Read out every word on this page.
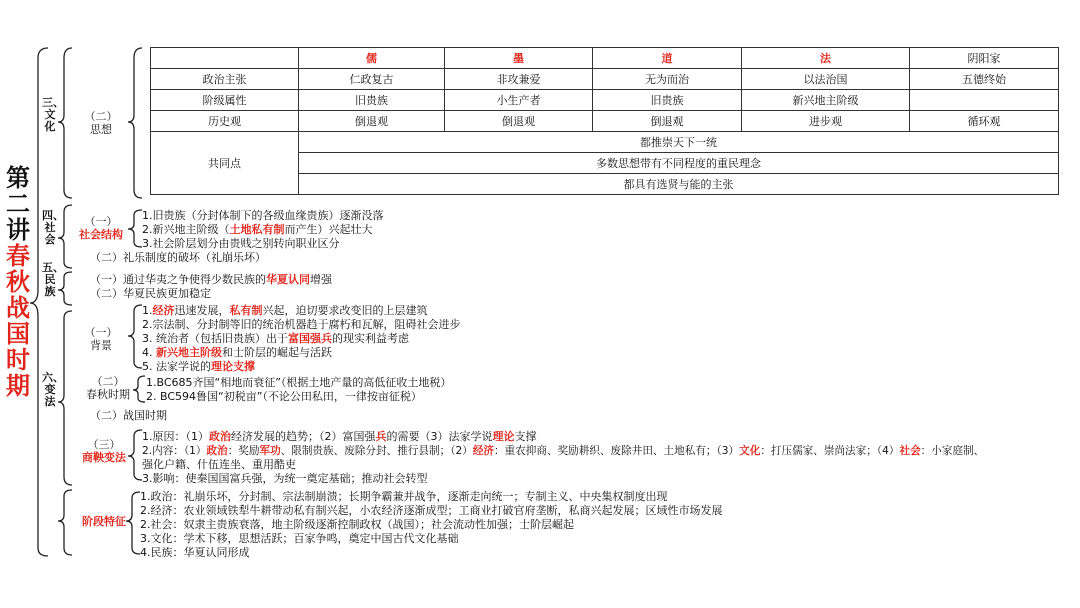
第二讲
春秋战国时期
三、文化
（二）思想
	儒	墨	道	法	阴阳家
政治主张	仁政复古	非攻兼爱	无为而治	以法治国	五德终始
阶级属性	旧贵族	小生产者	旧贵族	新兴地主阶级	
历史观	倒退观	倒退观	倒退观	进步观	循环观
共同点	都推崇天下一统				
	多数思想带有不同程度的重民理念				
	都具有选贤与能的主张				
四、社会
（一）
社会结构
1.旧贵族（分封体制下的各级血缘贵族）逐渐没落
2.新兴地主阶级（土地私有制而产生）兴起壮大
3.社会阶层划分由贵贱之别转向职业区分
（二）礼乐制度的破坏（礼崩乐坏）
五、民族
（一）通过华夷之争使得少数民族的华夏认同增强
（二）华夏民族更加稳定
六、变法
（一）
背景
1.经济迅速发展，私有制兴起，迫切要求改变旧的上层建筑
2.宗法制、分封制等旧的统治机器趋于腐朽和瓦解，阻碍社会进步
3. 统治者（包括旧贵族）出于富国强兵的现实利益考虑
4. 新兴地主阶级和士阶层的崛起与活跃
5. 法家学说的理论支撑
（二）
春秋时期
1.BC685齐国“相地而衰征”（根据土地产量的高低征收土地税）
2. BC594鲁国“初税亩”（不论公田私田，一律按亩征税）
（二）战国时期
（三）
商鞅变法
1.原因：（1）政治经济发展的趋势；（2）富国强兵的需要（3）法家学说理论支撑
2.内容：（1）政治：奖励军功、限制贵族、废除分封、推行县制；（2）经济：重农抑商、奖励耕织、废除井田、土地私有；（3）文化：打压儒家、崇尚法家；（4）社会：小家庭制、
强化户籍、什伍连坐、重用酷吏
3.影响：使秦国国富兵强，为统一奠定基础；推动社会转型
阶段特征
1.政治：礼崩乐坏，分封制、宗法制崩溃；长期争霸兼并战争，逐渐走向统一；专制主义、中央集权制度出现
2.经济：农业领域铁犁牛耕带动私有制兴起，小农经济逐渐成型；工商业打破官府垄断，私商兴起发展；区域性市场发展
2.社会：奴隶主贵族衰落，地主阶级逐渐控制政权（战国）；社会流动性加强；士阶层崛起
3.文化：学术下移，思想活跃；百家争鸣，奠定中国古代文化基础
4.民族：华夏认同形成
